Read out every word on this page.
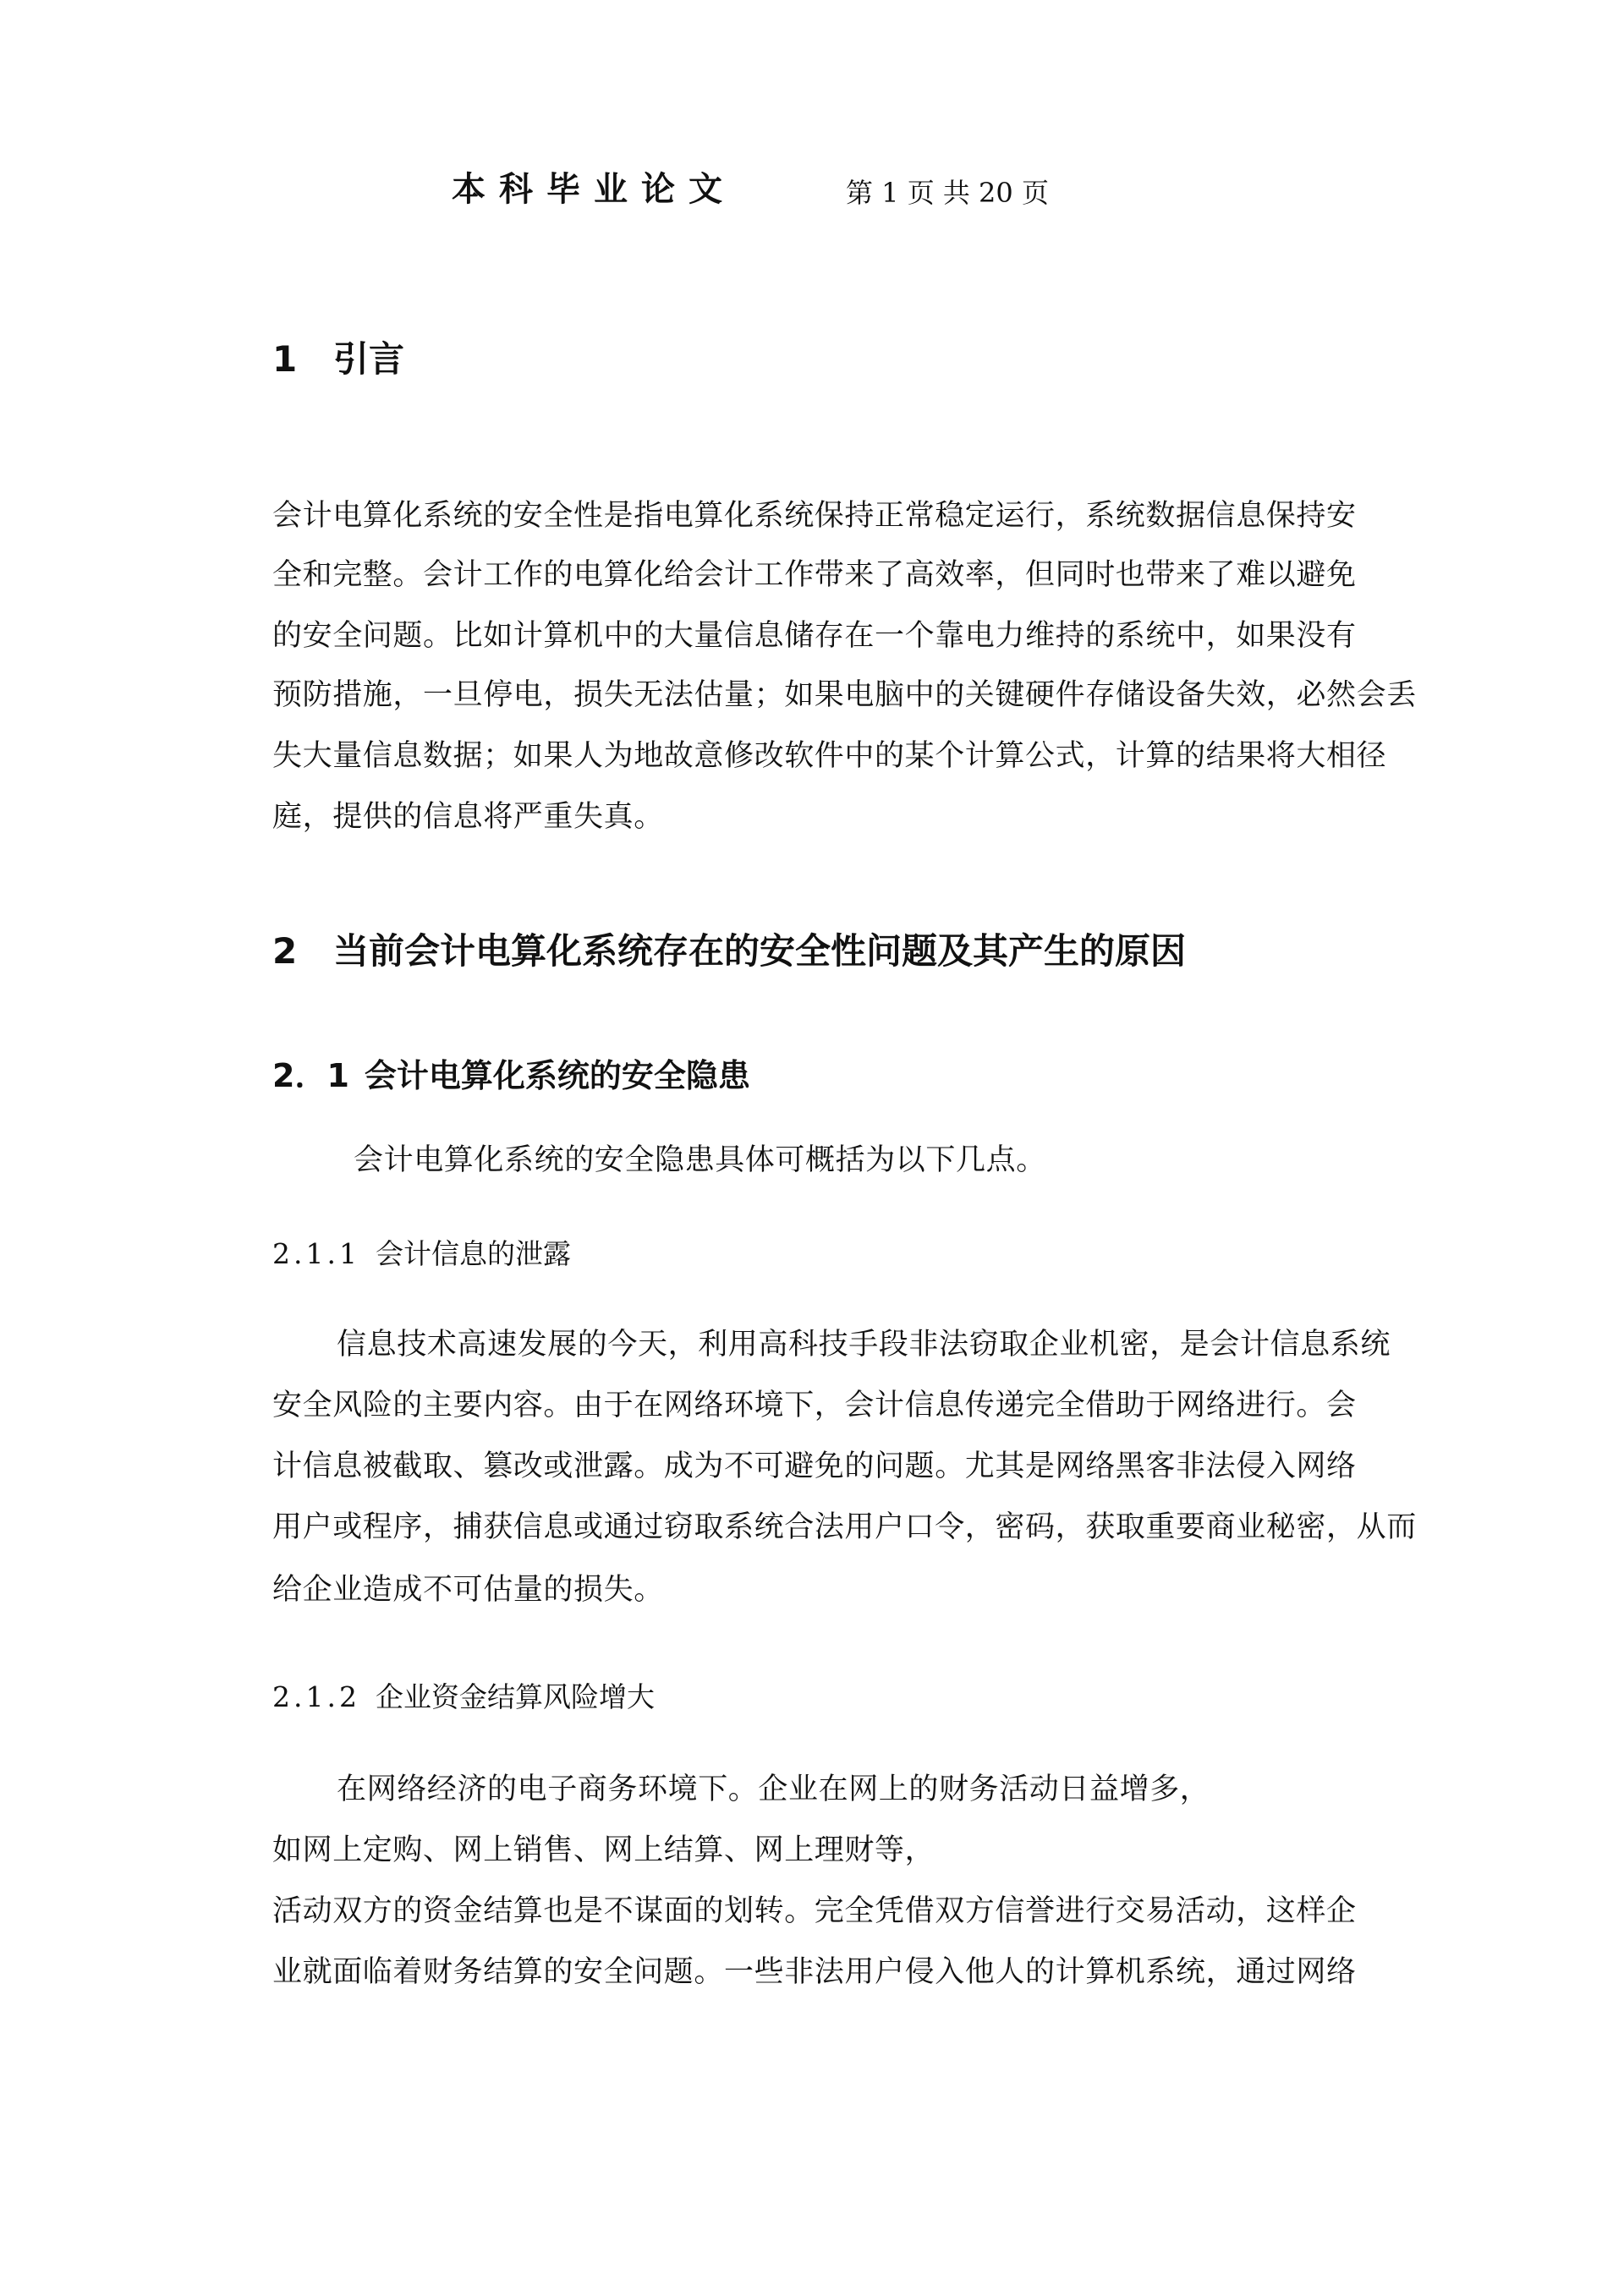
本科毕业论文	第 1 页 共 20 页
1 引言
会计电算化系统的安全性是指电算化系统保持正常稳定运行，系统数据信息保持安
全和完整。会计工作的电算化给会计工作带来了高效率，但同时也带来了难以避免
的安全问题。比如计算机中的大量信息储存在一个靠电力维持的系统中，如果没有
预防措施，一旦停电，损失无法估量；如果电脑中的关键硬件存储设备失效，必然会丢
失大量信息数据；如果人为地故意修改软件中的某个计算公式，计算的结果将大相径
庭，提供的信息将严重失真。
2 当前会计电算化系统存在的安全性问题及其产生的原因
2．1 会计电算化系统的安全隐患
会计电算化系统的安全隐患具体可概括为以下几点。
2.1.1 会计信息的泄露
信息技术高速发展的今天，利用高科技手段非法窃取企业机密，是会计信息系统
安全风险的主要内容。由于在网络环境下，会计信息传递完全借助于网络进行。会
计信息被截取、篡改或泄露。成为不可避免的问题。尤其是网络黑客非法侵入网络
用户或程序，捕获信息或通过窃取系统合法用户口令，密码，获取重要商业秘密，从而
给企业造成不可估量的损失。
2.1.2 企业资金结算风险增大
在网络经济的电子商务环境下。企业在网上的财务活动日益增多，
如网上定购、网上销售、网上结算、网上理财等，
活动双方的资金结算也是不谋面的划转。完全凭借双方信誉进行交易活动，这样企
业就面临着财务结算的安全问题。一些非法用户侵入他人的计算机系统，通过网络
